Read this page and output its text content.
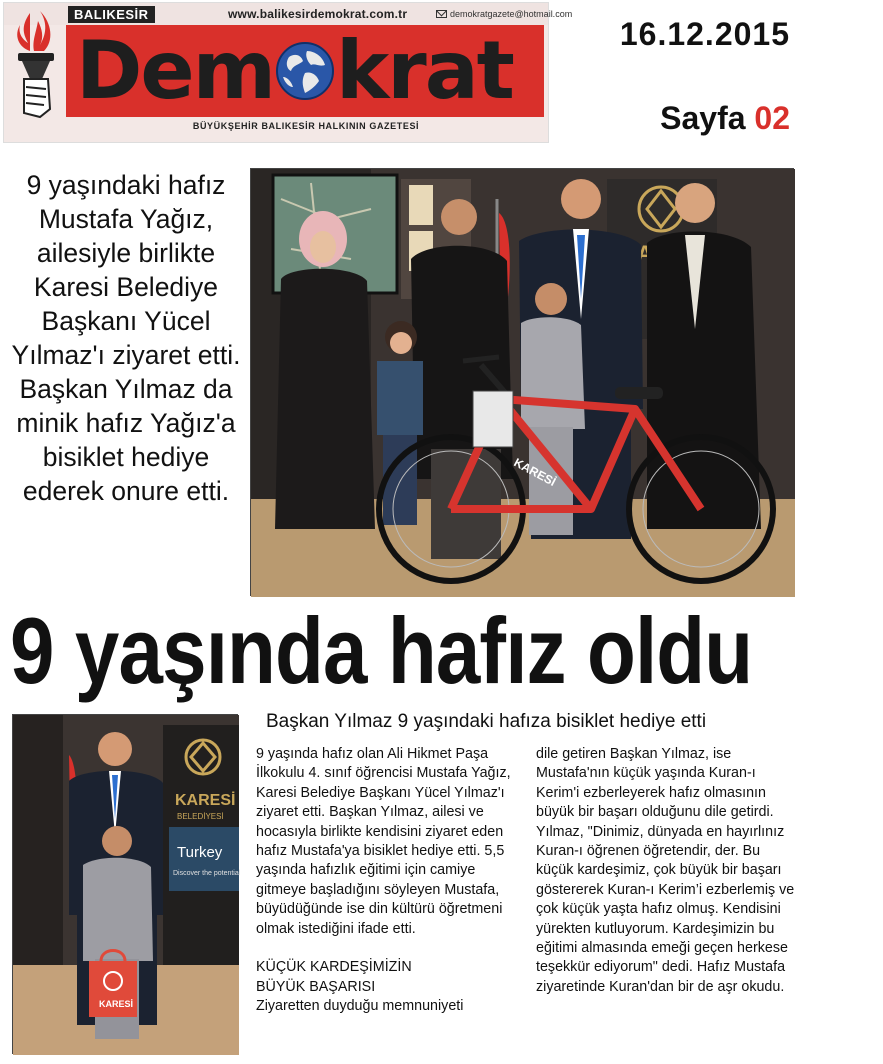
BALIKESİR	www.balikesirdemokrat.com.tr	demokratgazete@hotmail.com
Dem krat
BÜYÜKŞEHİR BALIKESİR HALKININ GAZETESİ
16.12.2015
Sayfa 02
9 yaşındaki hafız Mustafa Yağız, ailesiyle birlikte Karesi Belediye Başkanı Yücel Yılmaz'ı ziyaret etti. Başkan Yılmaz da minik hafız Yağız'a bisiklet hediye ederek onure etti.
KARESİ
9 yaşında hafız oldu
KARESİ
BELEDİYESİ
Turkey
Discover the potential
KARESİ
Başkan Yılmaz 9 yaşındaki hafıza bisiklet hediye etti

9 yaşında hafız olan Ali Hikmet Paşa İlkokulu 4. sınıf öğrencisi Mustafa Yağız, Karesi Belediye Başkanı Yücel Yılmaz'ı ziyaret etti. Başkan Yılmaz, ailesi ve hocasıyla birlikte kendisini ziyaret eden hafız Mustafa'ya bisiklet hediye etti. 5,5 yaşında hafızlık eğitimi için camiye gitmeye başladığını söyleyen Mustafa, büyüdüğünde ise din kültürü öğretmeni olmak istediğini ifade etti.

KÜÇÜK KARDEŞİMİZİN

BÜYÜK BAŞARISI

Ziyaretten duyduğu memnuniyeti

dile getiren Başkan Yılmaz, ise Mustafa'nın küçük yaşında Kuran-ı Kerim'i ezberleyerek hafız olmasının büyük bir başarı olduğunu dile getirdi. Yılmaz, "Dinimiz, dünyada en hayırlınız Kuran-ı öğrenen öğretendir, der. Bu küçük kardeşimiz, çok büyük bir başarı göstererek Kuran-ı Kerim’i ezberlemiş ve çok küçük yaşta hafız olmuş. Kendisini yürekten kutluyorum. Kardeşimizin bu eğitimi almasında emeği geçen herkese teşekkür ediyorum" dedi. Hafız Mustafa ziyaretinde Kuran'dan bir de aşr okudu.
